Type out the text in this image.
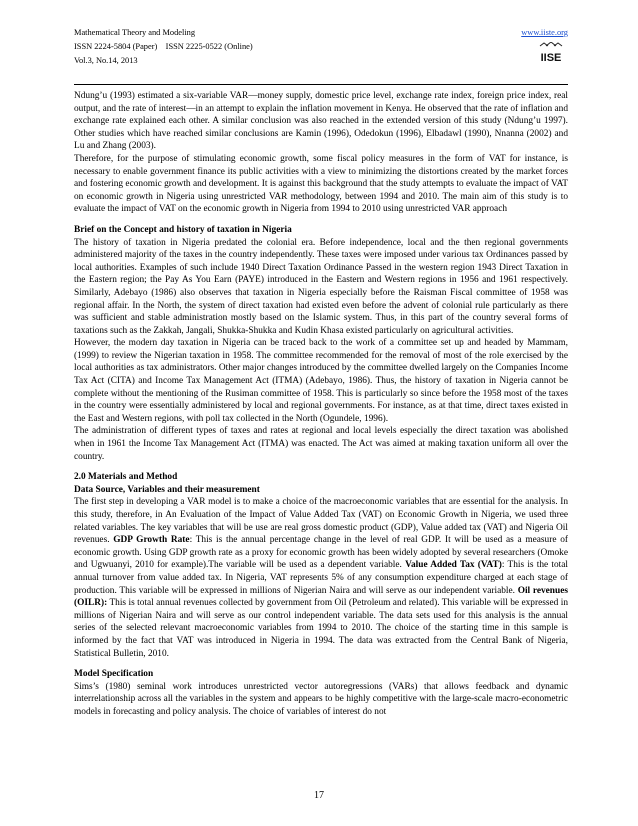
Mathematical Theory and Modeling
ISSN 2224-5804 (Paper)    ISSN 2225-0522 (Online)
Vol.3, No.14, 2013
www.iiste.org
IISE

Ndung’u (1993) estimated a six-variable VAR—money supply, domestic price level, exchange rate index, foreign price index, real output, and the rate of interest—in an attempt to explain the inflation movement in Kenya. He observed that the rate of inflation and exchange rate explained each other. A similar conclusion was also reached in the extended version of this study (Ndung’u 1997). Other studies which have reached similar conclusions are Kamin (1996), Odedokun (1996), Elbadawl (1990), Nnanna (2002) and Lu and Zhang (2003).

Therefore, for the purpose of stimulating economic growth, some fiscal policy measures in the form of VAT for instance, is necessary to enable government finance its public activities with a view to minimizing the distortions created by the market forces and fostering economic growth and development. It is against this background that the study attempts to evaluate the impact of VAT on economic growth in Nigeria using unrestricted VAR methodology, between 1994 and 2010. The main aim of this study is to evaluate the impact of VAT on the economic growth in Nigeria from 1994 to 2010 using unrestricted VAR approach

Brief on the Concept and history of taxation in Nigeria

The history of taxation in Nigeria predated the colonial era. Before independence, local and the then regional governments administered majority of the taxes in the country independently. These taxes were imposed under various tax Ordinances passed by local authorities. Examples of such include 1940 Direct Taxation Ordinance Passed in the western region 1943 Direct Taxation in the Eastern region; the Pay As You Earn (PAYE) introduced in the Eastern and Western regions in 1956 and 1961 respectively. Similarly, Adebayo (1986) also observes that taxation in Nigeria especially before the Raisman Fiscal committee of 1958 was regional affair. In the North, the system of direct taxation had existed even before the advent of colonial rule particularly as there was sufficient and stable administration mostly based on the Islamic system. Thus, in this part of the country several forms of taxations such as the Zakkah, Jangali, Shukka-Shukka and Kudin Khasa existed particularly on agricultural activities.

However, the modern day taxation in Nigeria can be traced back to the work of a committee set up and headed by Mammam, (1999) to review the Nigerian taxation in 1958. The committee recommended for the removal of most of the role exercised by the local authorities as tax administrators. Other major changes introduced by the committee dwelled largely on the Companies Income Tax Act (CITA) and Income Tax Management Act (ITMA) (Adebayo, 1986). Thus, the history of taxation in Nigeria cannot be complete without the mentioning of the Rusiman committee of 1958. This is particularly so since before the 1958 most of the taxes in the country were essentially administered by local and regional governments. For instance, as at that time, direct taxes existed in the East and Western regions, with poll tax collected in the North (Ogundele, 1996).

The administration of different types of taxes and rates at regional and local levels especially the direct taxation was abolished when in 1961 the Income Tax Management Act (ITMA) was enacted. The Act was aimed at making taxation uniform all over the country.

2.0 Materials and Method

Data Source, Variables and their measurement

The first step in developing a VAR model is to make a choice of the macroeconomic variables that are essential for the analysis. In this study, therefore, in An Evaluation of the Impact of Value Added Tax (VAT) on Economic Growth in Nigeria, we used three related variables. The key variables that will be use are real gross domestic product (GDP), Value added tax (VAT) and Nigeria Oil revenues. GDP Growth Rate: This is the annual percentage change in the level of real GDP. It will be used as a measure of economic growth. Using GDP growth rate as a proxy for economic growth has been widely adopted by several researchers (Omoke and Ugwuanyi, 2010 for example).The variable will be used as a dependent variable. Value Added Tax (VAT): This is the total annual turnover from value added tax. In Nigeria, VAT represents 5% of any consumption expenditure charged at each stage of production. This variable will be expressed in millions of Nigerian Naira and will serve as our independent variable. Oil revenues (OILR): This is total annual revenues collected by government from Oil (Petroleum and related). This variable will be expressed in millions of Nigerian Naira and will serve as our control independent variable. The data sets used for this analysis is the annual series of the selected relevant macroeconomic variables from 1994 to 2010. The choice of the starting time in this sample is informed by the fact that VAT was introduced in Nigeria in 1994. The data was extracted from the Central Bank of Nigeria, Statistical Bulletin, 2010.

Model Specification

Sims’s (1980) seminal work introduces unrestricted vector autoregressions (VARs) that allows feedback and dynamic interrelationship across all the variables in the system and appears to be highly competitive with the large-scale macro-econometric models in forecasting and policy analysis. The choice of variables of interest do not

17
